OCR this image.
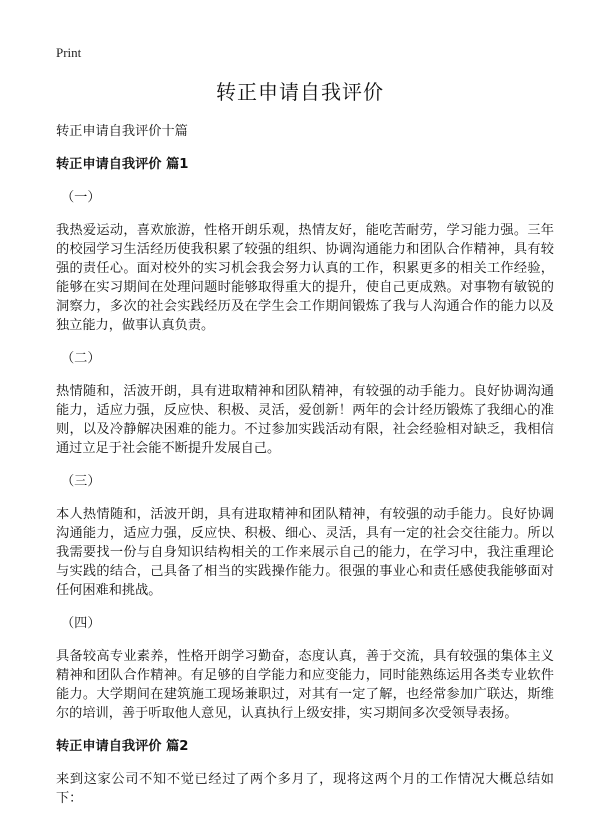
Print
转正申请自我评价

转正申请自我评价十篇

转正申请自我评价 篇1

（一）

我热爱运动，喜欢旅游，性格开朗乐观，热情友好，能吃苦耐劳，学习能力强。三年的校园学习生活经历使我积累了较强的组织、协调沟通能力和团队合作精神，具有较强的责任心。面对校外的实习机会我会努力认真的工作，积累更多的相关工作经验，能够在实习期间在处理问题时能够取得重大的提升，使自己更成熟。对事物有敏锐的洞察力，多次的社会实践经历及在学生会工作期间锻炼了我与人沟通合作的能力以及独立能力，做事认真负责。

（二）

热情随和，活波开朗，具有进取精神和团队精神，有较强的动手能力。良好协调沟通能力，适应力强，反应快、积极、灵活，爱创新！两年的会计经历锻炼了我细心的准则，以及冷静解决困难的能力。不过参加实践活动有限，社会经验相对缺乏，我相信通过立足于社会能不断提升发展自己。

（三）

本人热情随和，活波开朗，具有进取精神和团队精神，有较强的动手能力。良好协调沟通能力，适应力强，反应快、积极、细心、灵活，具有一定的社会交往能力。所以我需要找一份与自身知识结构相关的工作来展示自己的能力，在学习中，我注重理论与实践的结合，己具备了相当的实践操作能力。很强的事业心和责任感使我能够面对任何困难和挑战。

（四）

具备较高专业素养，性格开朗学习勤奋，态度认真，善于交流，具有较强的集体主义精神和团队合作精神。有足够的自学能力和应变能力，同时能熟练运用各类专业软件能力。大学期间在建筑施工现场兼职过，对其有一定了解，也经常参加广联达，斯维尔的培训，善于听取他人意见，认真执行上级安排，实习期间多次受领导表扬。

转正申请自我评价 篇2

来到这家公司不知不觉已经过了两个多月了，现将这两个月的工作情况大概总结如下：
